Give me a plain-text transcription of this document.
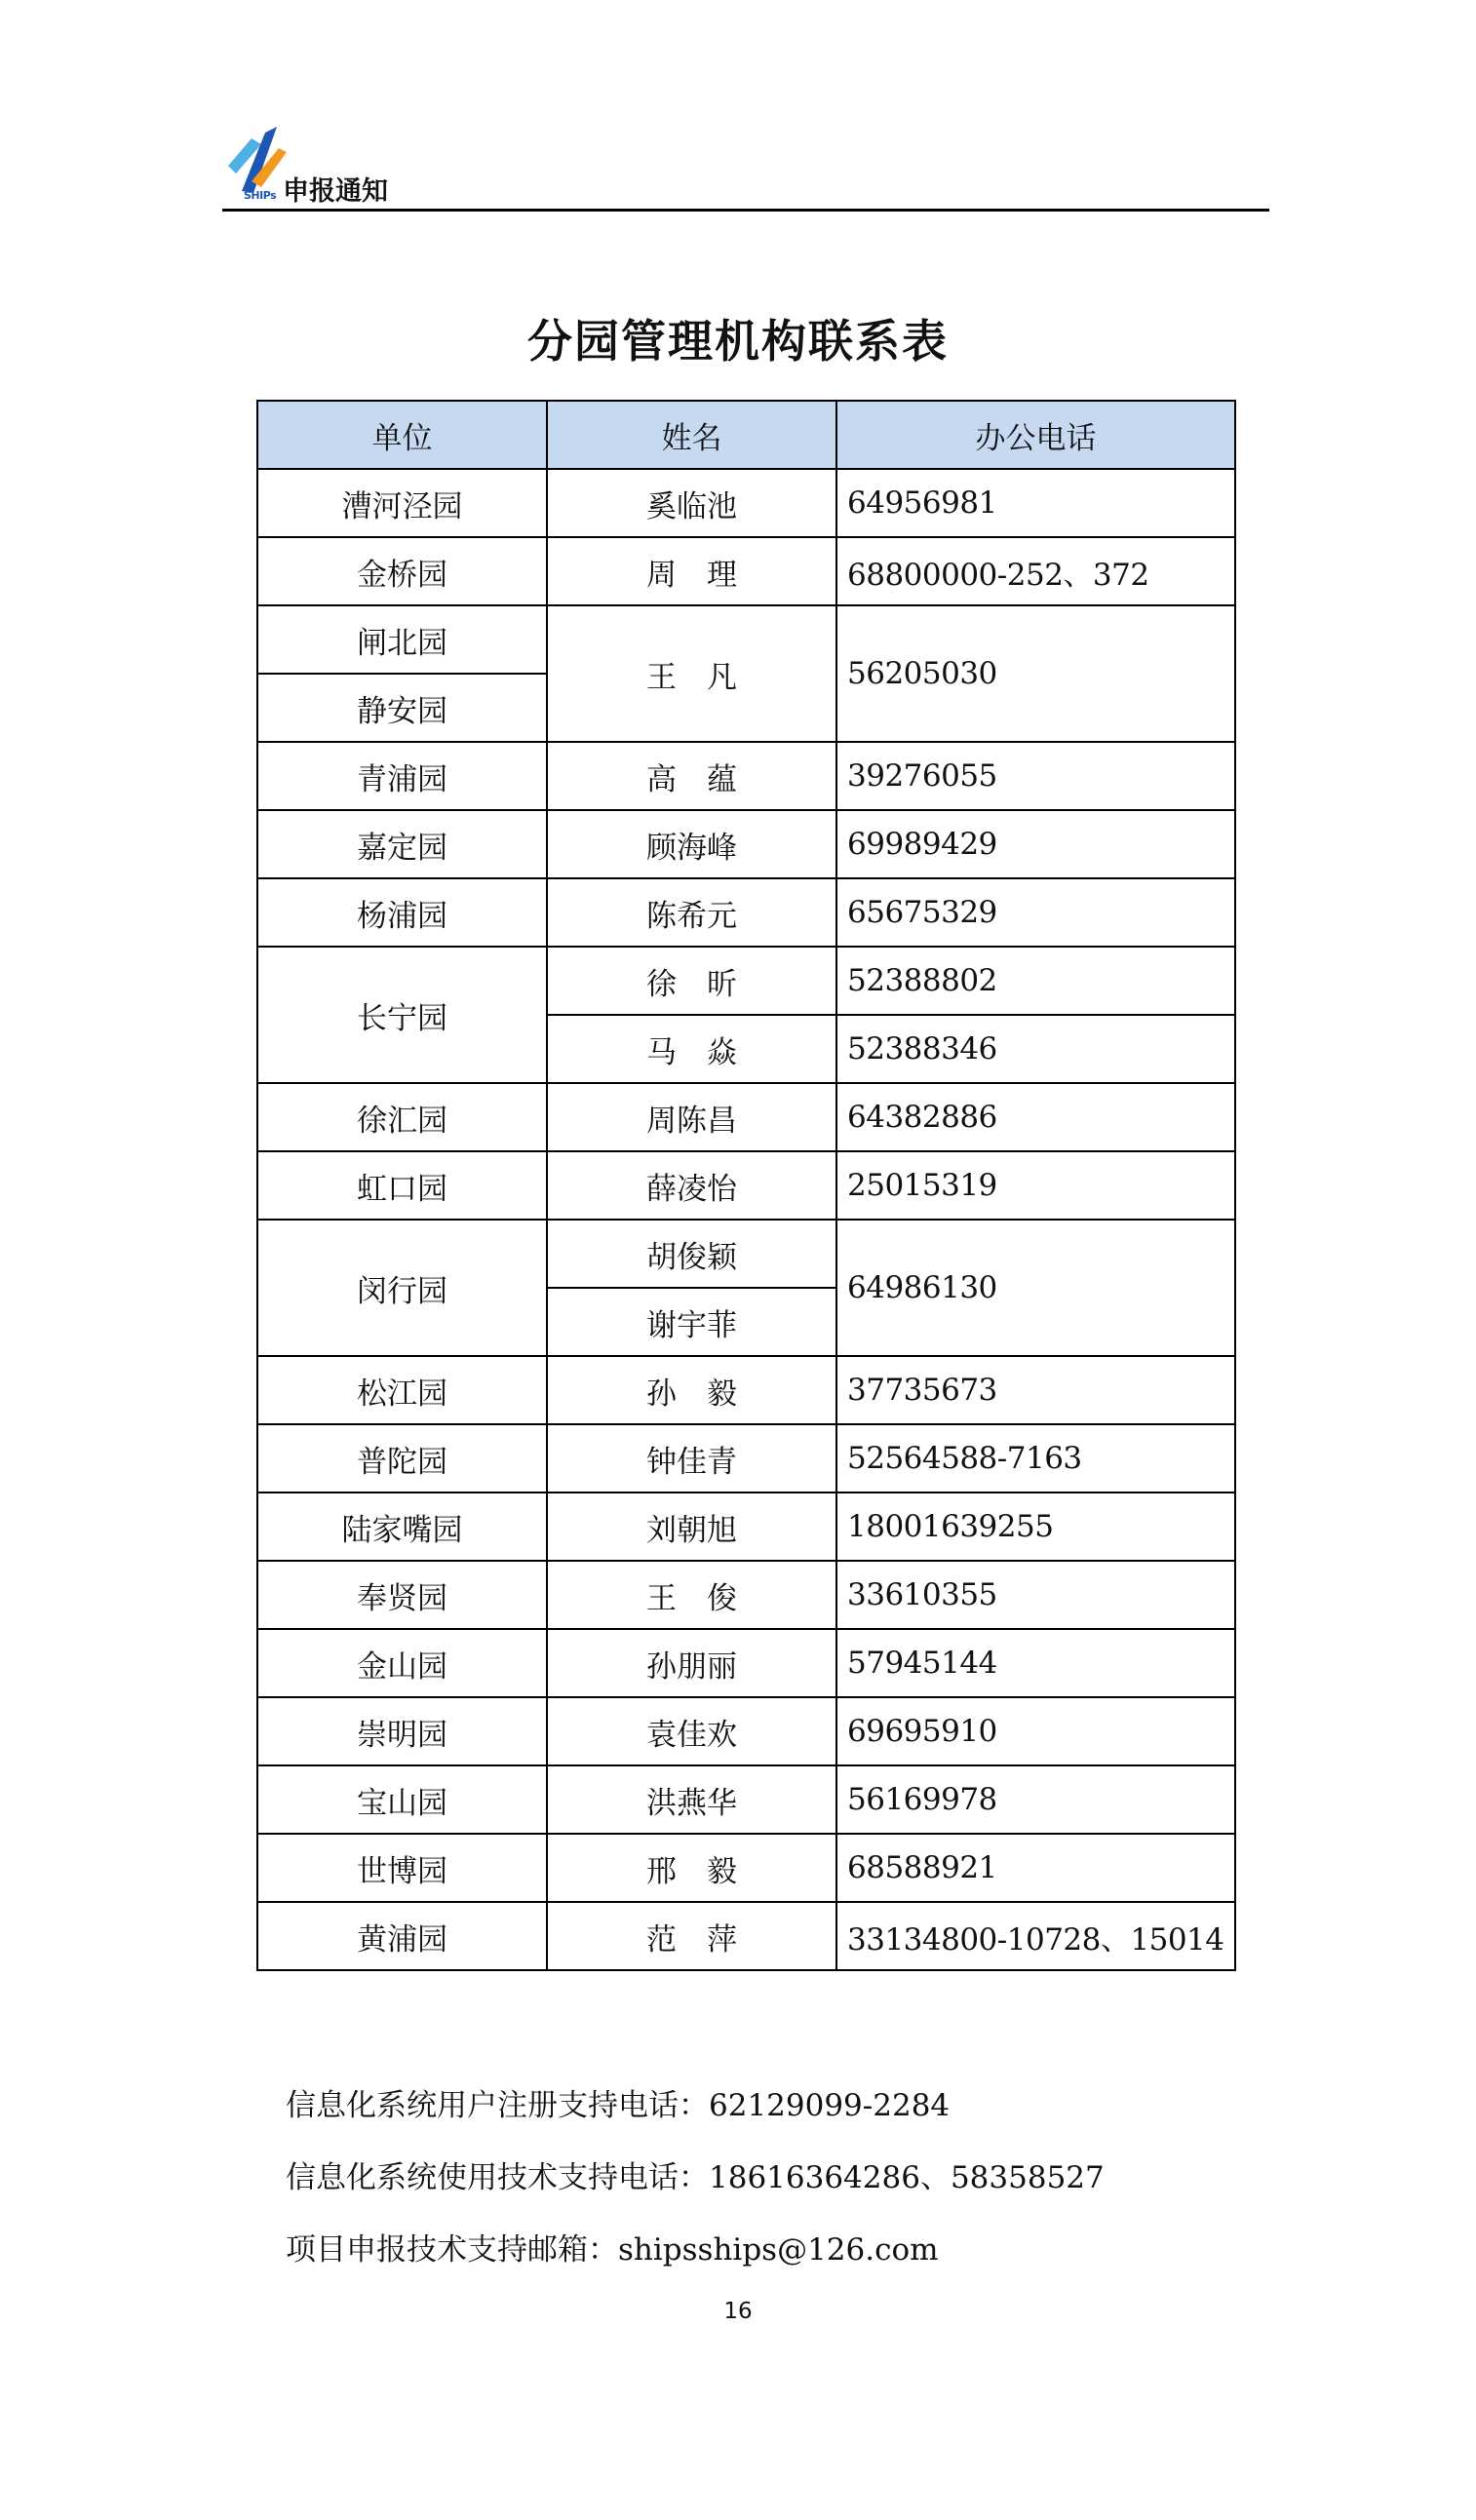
SHIPs 申报通知
分园管理机构联系表
单位	姓名	办公电话
漕河泾园	奚临池	64956981
金桥园	周　理	68800000-252、372
闸北园	王　凡	56205030
静安园		
青浦园	高　蕴	39276055
嘉定园	顾海峰	69989429
杨浦园	陈希元	65675329
长宁园	徐　昕	52388802
	马　焱	52388346
徐汇园	周陈昌	64382886
虹口园	薛凌怡	25015319
闵行园	胡俊颖	64986130
	谢宇菲	
松江园	孙　毅	37735673
普陀园	钟佳青	52564588-7163
陆家嘴园	刘朝旭	18001639255
奉贤园	王　俊	33610355
金山园	孙朋丽	57945144
崇明园	袁佳欢	69695910
宝山园	洪燕华	56169978
世博园	邢　毅	68588921
黄浦园	范　萍	33134800-10728、15014
信息化系统用户注册支持电话：62129099-2284
信息化系统使用技术支持电话：18616364286、58358527
项目申报技术支持邮箱：shipsships@126.com
16
